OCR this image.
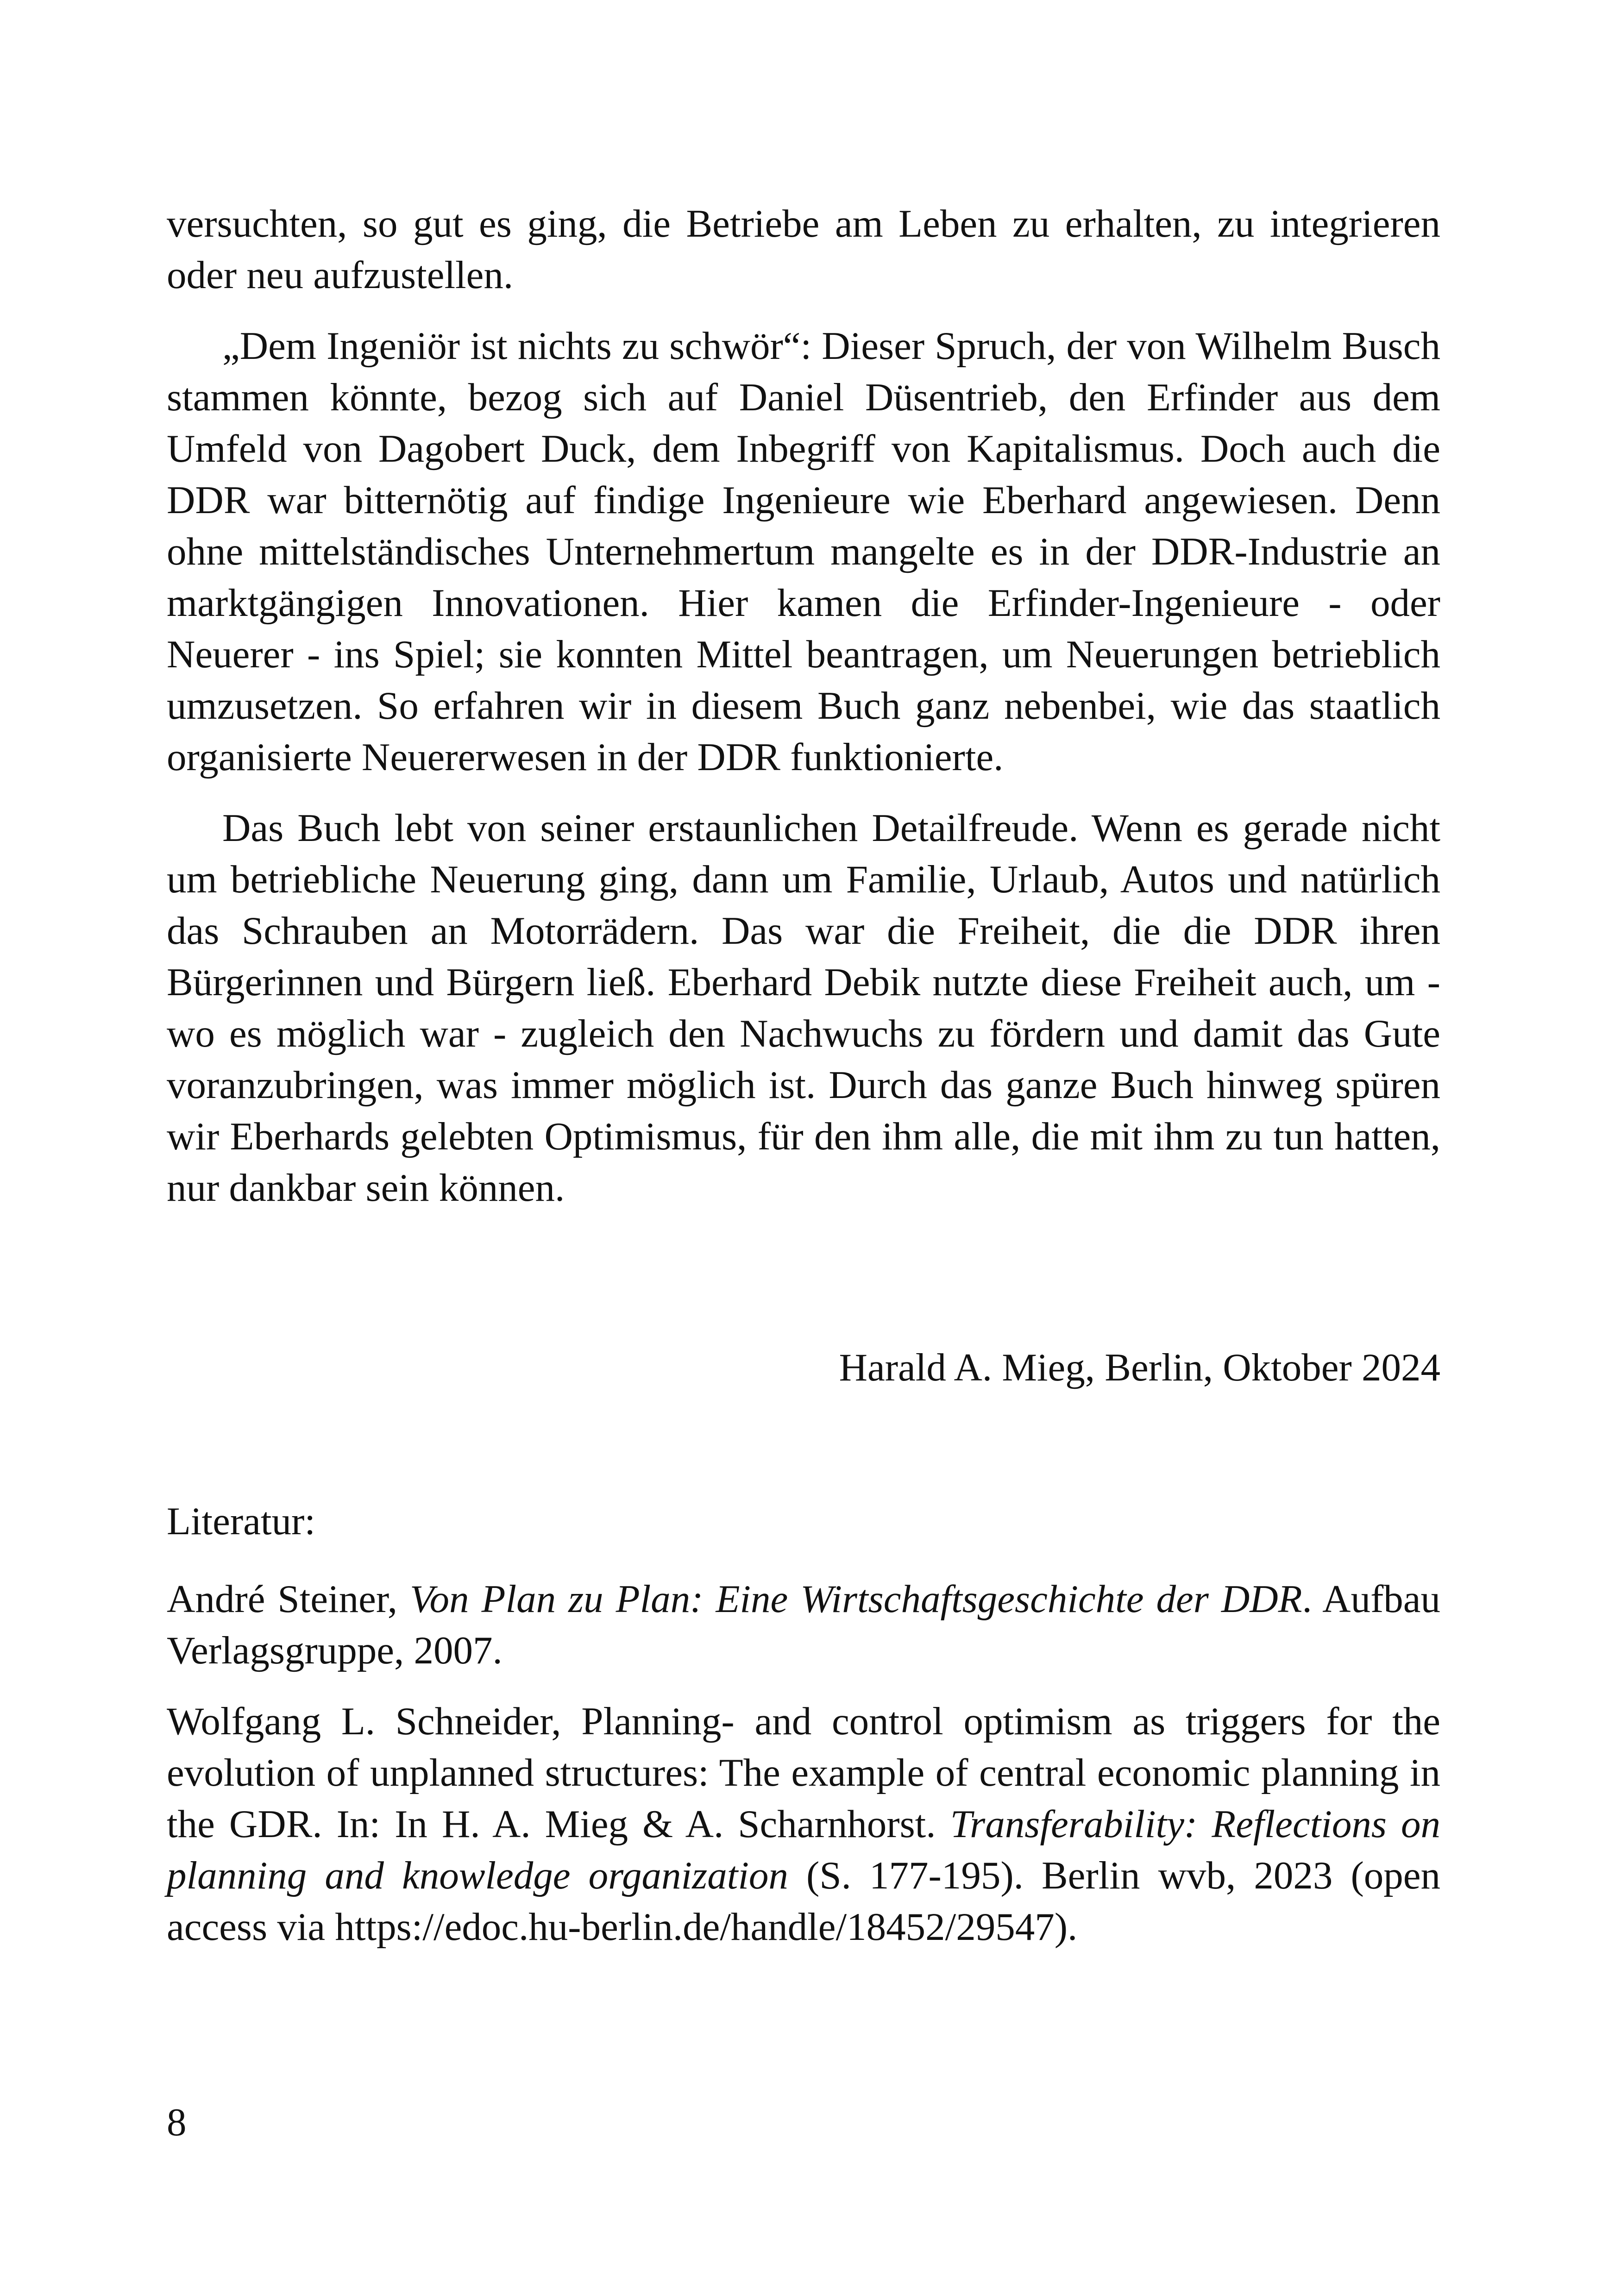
versuchten, so gut es ging, die Betriebe am Leben zu erhalten, zu integrieren oder neu aufzustellen.

„Dem Ingeniör ist nichts zu schwör“: Dieser Spruch, der von Wilhelm Busch stammen könnte, bezog sich auf Daniel Düsentrieb, den Erfinder aus dem Umfeld von Dagobert Duck, dem Inbegriff von Kapitalismus. Doch auch die DDR war bitternötig auf findige Ingenieure wie Eberhard angewiesen. Denn ohne mittelständisches Unternehmertum mangelte es in der DDR-Industrie an marktgängigen Innovationen. Hier kamen die Erfinder-Ingenieure - oder Neuerer - ins Spiel; sie konnten Mittel beantragen, um Neuerungen betrieblich umzusetzen. So erfahren wir in diesem Buch ganz nebenbei, wie das staatlich organisierte Neuererwesen in der DDR funktionierte.

Das Buch lebt von seiner erstaunlichen Detailfreude. Wenn es gerade nicht um betriebliche Neuerung ging, dann um Familie, Urlaub, Autos und natürlich das Schrauben an Motorrädern. Das war die Freiheit, die die DDR ihren Bürgerinnen und Bürgern ließ. Eberhard Debik nutzte diese Freiheit auch, um - wo es möglich war - zugleich den Nachwuchs zu fördern und damit das Gute voranzubringen, was immer möglich ist. Durch das ganze Buch hinweg spüren wir Eberhards gelebten Optimismus, für den ihm alle, die mit ihm zu tun hatten, nur dankbar sein können.

Harald A. Mieg, Berlin, Oktober 2024
Literatur:

André Steiner, Von Plan zu Plan: Eine Wirtschaftsgeschichte der DDR. Aufbau Verlagsgruppe, 2007.

Wolfgang L. Schneider, Planning- and control optimism as triggers for the evolution of unplanned structures: The example of central economic planning in the GDR. In: In H. A. Mieg & A. Scharnhorst. Transferability: Reflections on planning and knowledge organization (S. 177-195). Berlin wvb, 2023 (open access via https://edoc.hu-berlin.de/handle/18452/29547).

8
